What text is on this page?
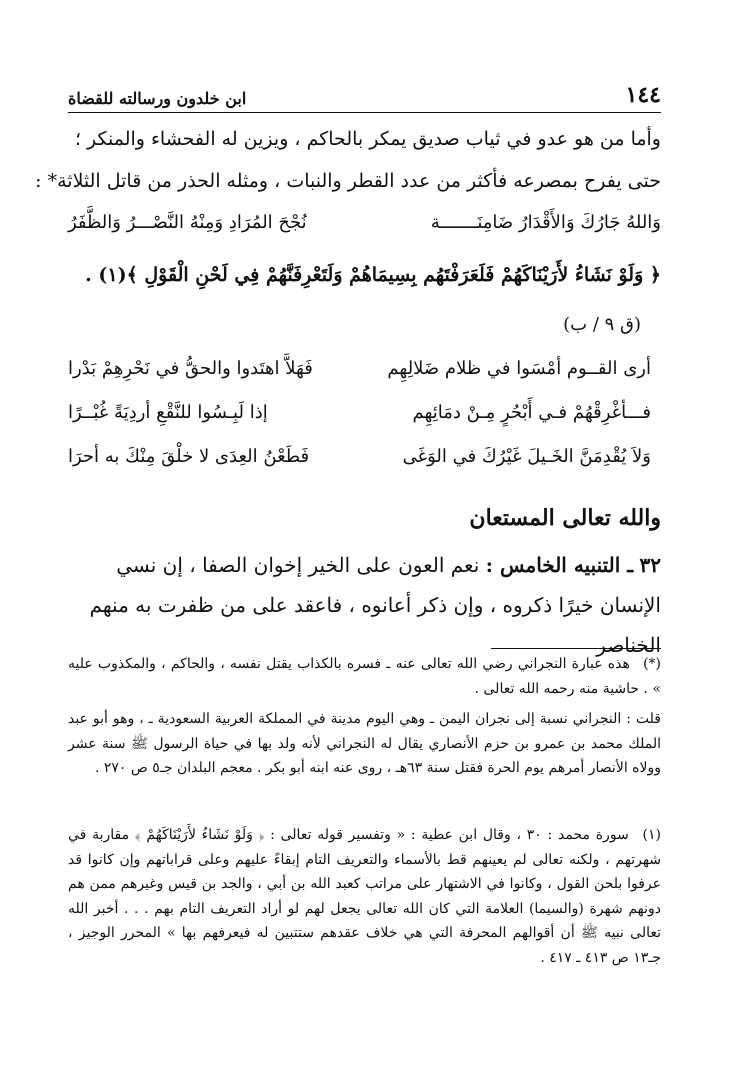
١٤٤
ابن خلدون ورسالته للقضاة
وأما من هو عدو في ثياب صديق يمكر بالحاكم ، ويزين له الفحشاء والمنكر ؛
حتى يفرح بمصرعه فأكثر من عدد القطر والنبات ، ومثله الحذر من قاتل الثلاثة* :
وَاللهُ جَارُكَ وَالأَقْدَارُ ضَامِنَـــــــة
نُجْحَ المُرَادِ وَمِنْهُ النَّصْـــرُ وَالظَّفَرُ
﴿ وَلَوْ نَشَاءُ لأَرَيْنَاكَهُمْ فَلَعَرَفْتَهُم بِسِيمَاهُمْ وَلَتَعْرِفَنَّهُمْ فِي لَحْنِ الْقَوْلِ ﴾(١) .
(ق ٩ / ب)
أرى القــوم أمْسَوا في ظلام ضَلالِهِم
فَهَلاَّ اهتَدوا والحقُّ في نَحْرِهِمْ بَدْرا
فـــأغْرِقْهُمْ فـي أَبْحُرٍ مِـنْ دمَائِهِم
إذا لَبِـسُوا للنَّقْعِ أردِيَةً غُبْــرًا
وَلاَ يُقْدِمَنَّ الخَـيلَ غَيْرُكَ في الوَغَى
فَطَعْنُ العِدَى لا خلْقَ مِنْكَ به أحرَا
والله تعالى المستعان
٣٢ ـ التنبيه الخامس : نعم العون على الخير إخوان الصفا ، إن نسي الإنسان خيرًا ذكروه ، وإن ذكر أعانوه ، فاعقد على من ظفرت به منهم الخناصر
(*) هذه عبارة النجراني رضي الله تعالى عنه ـ فسره بالكذاب يقتل نفسه ، والحاكم ، والمكذوب عليه » . حاشية منه رحمه الله تعالى .
قلت : النجراني نسبة إلى نجران اليمن ـ وهي اليوم مدينة في المملكة العربية السعودية ـ ، وهو أبو عبد الملك محمد بن عمرو بن حزم الأنصاري يقال له النجراني لأنه ولد بها في حياة الرسول ﷺ سنة عشر وولاه الأنصار أمرهم يوم الحرة فقتل سنة ٦٣هـ ، روى عنه ابنه أبو بكر . معجم البلدان جـ٥ ص ٢٧٠ .
(١) سورة محمد : ٣٠ ، وقال ابن عطية : « وتفسير قوله تعالى : ﴿ وَلَوْ نَشَاءُ لأَرَيْنَاكَهُمْ ﴾ مقاربة في شهرتهم ، ولكنه تعالى لم يعينهم قط بالأسماء والتعريف التام إبقاءً عليهم وعلى قراباتهم وإن كانوا قد عرفوا بلحن القول ، وكانوا في الاشتهار على مراتب كعبد الله بن أبي ، والجد بن قيس وغيرهم ممن هم دونهم شهرة (والسيما) العلامة التي كان الله تعالى يجعل لهم لو أراد التعريف التام بهم . . . أخبر الله تعالى نبيه ﷺ أن أقوالهم المحرفة التي هي خلاف عقدهم ستتبين له فيعرفهم بها » المحرر الوجيز ، جـ١٣ ص ٤١٣ ـ ٤١٧ .
